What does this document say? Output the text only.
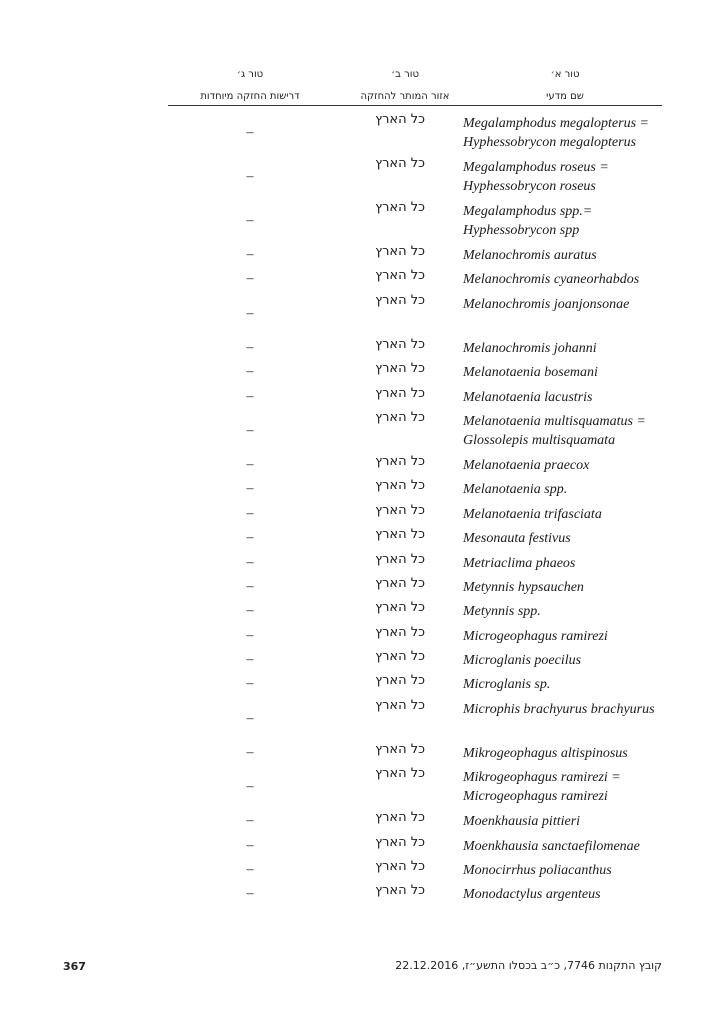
טור א׳
טור ב׳
טור ג׳
שם מדעי
אזור המותר להחזקה
דרישות החזקה מיוחדות
Megalamphodus megalopterus = Hyphessobrycon megalopterus
כל הארץ
–
Megalamphodus roseus = Hyphessobrycon roseus
כל הארץ
–
Megalamphodus spp.= Hyphessobrycon spp
כל הארץ
–
Melanochromis auratus
כל הארץ
–
Melanochromis cyaneorhabdos
כל הארץ
–
Melanochromis joanjonsonae
כל הארץ
–
Melanochromis johanni
כל הארץ
–
Melanotaenia bosemani
כל הארץ
–
Melanotaenia lacustris
כל הארץ
–
Melanotaenia multisquamatus = Glossolepis multisquamata
כל הארץ
–
Melanotaenia praecox
כל הארץ
–
Melanotaenia spp.
כל הארץ
–
Melanotaenia trifasciata
כל הארץ
–
Mesonauta festivus
כל הארץ
–
Metriaclima phaeos
כל הארץ
–
Metynnis hypsauchen
כל הארץ
–
Metynnis spp.
כל הארץ
–
Microgeophagus ramirezi
כל הארץ
–
Microglanis poecilus
כל הארץ
–
Microglanis sp.
כל הארץ
–
Microphis brachyurus brachyurus
כל הארץ
–
Mikrogeophagus altispinosus
כל הארץ
–
Mikrogeophagus ramirezi = Microgeophagus ramirezi
כל הארץ
–
Moenkhausia pittieri
כל הארץ
–
Moenkhausia sanctaefilomenae
כל הארץ
–
Monocirrhus poliacanthus
כל הארץ
–
Monodactylus argenteus
כל הארץ
–
קובץ התקנות 7746, כ״ב בכסלו התשע״ז, 22.12.2016
367
